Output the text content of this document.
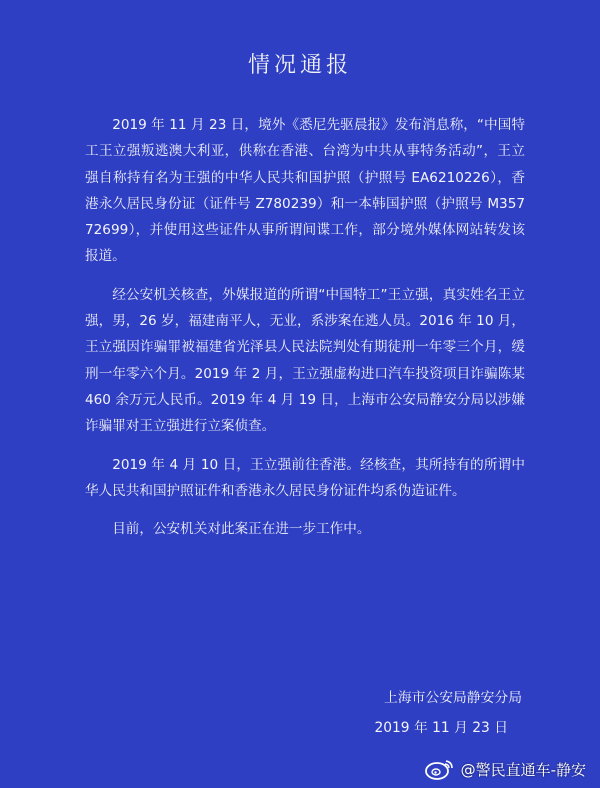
情况通报

2019 年 11 月 23 日，境外《悉尼先驱晨报》发布消息称，“中国特工王立强叛逃澳大利亚，供称在香港、台湾为中共从事特务活动”，王立强自称持有名为王强的中华人民共和国护照（护照号 EA6210226），香港永久居民身份证（证件号 Z780239）和一本韩国护照（护照号 M35772699），并使用这些证件从事所谓间谍工作，部分境外媒体网站转发该报道。

经公安机关核查，外媒报道的所谓“中国特工”王立强，真实姓名王立强，男，26 岁，福建南平人，无业，系涉案在逃人员。2016 年 10 月，王立强因诈骗罪被福建省光泽县人民法院判处有期徒刑一年零三个月，缓刑一年零六个月。2019 年 2 月，王立强虚构进口汽车投资项目诈骗陈某 460 余万元人民币。2019 年 4 月 19 日，上海市公安局静安分局以涉嫌诈骗罪对王立强进行立案侦查。

2019 年 4 月 10 日，王立强前往香港。经核查，其所持有的所谓中华人民共和国护照证件和香港永久居民身份证件均系伪造证件。

目前，公安机关对此案正在进一步工作中。

上海市公安局静安分局
2019 年 11 月 23 日
@警民直通车-静安
